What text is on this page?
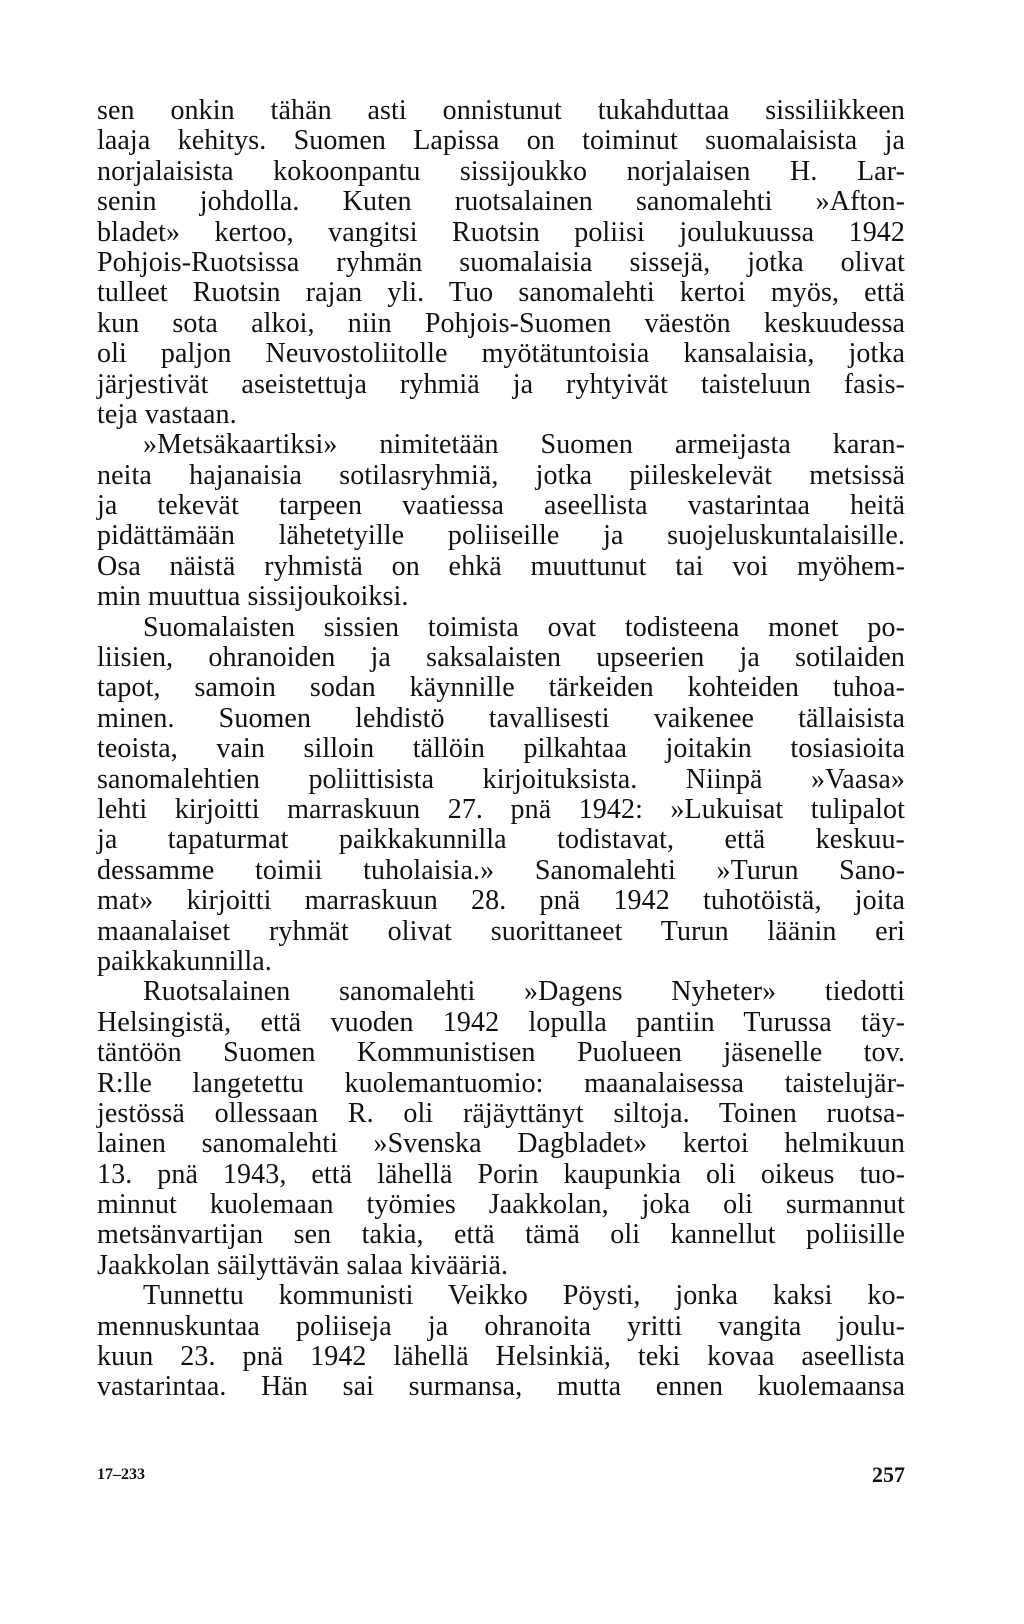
sen onkin tähän asti onnistunut tukahduttaa sissiliikkeen
laaja kehitys. Suomen Lapissa on toiminut suomalaisista ja
norjalaisista kokoonpantu sissijoukko norjalaisen H. Lar-
senin johdolla. Kuten ruotsalainen sanomalehti »Afton-
bladet» kertoo, vangitsi Ruotsin poliisi joulukuussa 1942
Pohjois-Ruotsissa ryhmän suomalaisia sissejä, jotka olivat
tulleet Ruotsin rajan yli. Tuo sanomalehti kertoi myös, että
kun sota alkoi, niin Pohjois-Suomen väestön keskuudessa
oli paljon Neuvostoliitolle myötätuntoisia kansalaisia, jotka
järjestivät aseistettuja ryhmiä ja ryhtyivät taisteluun fasis-
teja vastaan.
»Metsäkaartiksi» nimitetään Suomen armeijasta karan-
neita hajanaisia sotilasryhmiä, jotka piileskelevät metsissä
ja tekevät tarpeen vaatiessa aseellista vastarintaa heitä
pidättämään lähetetyille poliiseille ja suojeluskuntalaisille.
Osa näistä ryhmistä on ehkä muuttunut tai voi myöhem-
min muuttua sissijoukoiksi.
Suomalaisten sissien toimista ovat todisteena monet po-
liisien, ohranoiden ja saksalaisten upseerien ja sotilaiden
tapot, samoin sodan käynnille tärkeiden kohteiden tuhoa-
minen. Suomen lehdistö tavallisesti vaikenee tällaisista
teoista, vain silloin tällöin pilkahtaa joitakin tosiasioita
sanomalehtien poliittisista kirjoituksista. Niinpä »Vaasa»
lehti kirjoitti marraskuun 27. pnä 1942: »Lukuisat tulipalot
ja tapaturmat paikkakunnilla todistavat, että keskuu-
dessamme toimii tuholaisia.» Sanomalehti »Turun Sano-
mat» kirjoitti marraskuun 28. pnä 1942 tuhotöistä, joita
maanalaiset ryhmät olivat suorittaneet Turun läänin eri
paikkakunnilla.
Ruotsalainen sanomalehti »Dagens Nyheter» tiedotti
Helsingistä, että vuoden 1942 lopulla pantiin Turussa täy-
täntöön Suomen Kommunistisen Puolueen jäsenelle tov.
R:lle langetettu kuolemantuomio: maanalaisessa taistelujär-
jestössä ollessaan R. oli räjäyttänyt siltoja. Toinen ruotsa-
lainen sanomalehti »Svenska Dagbladet» kertoi helmikuun
13. pnä 1943, että lähellä Porin kaupunkia oli oikeus tuo-
minnut kuolemaan työmies Jaakkolan, joka oli surmannut
metsänvartijan sen takia, että tämä oli kannellut poliisille
Jaakkolan säilyttävän salaa kivääriä.
Tunnettu kommunisti Veikko Pöysti, jonka kaksi ko-
mennuskuntaa poliiseja ja ohranoita yritti vangita joulu-
kuun 23. pnä 1942 lähellä Helsinkiä, teki kovaa aseellista
vastarintaa. Hän sai surmansa, mutta ennen kuolemaansa
17–233	257
